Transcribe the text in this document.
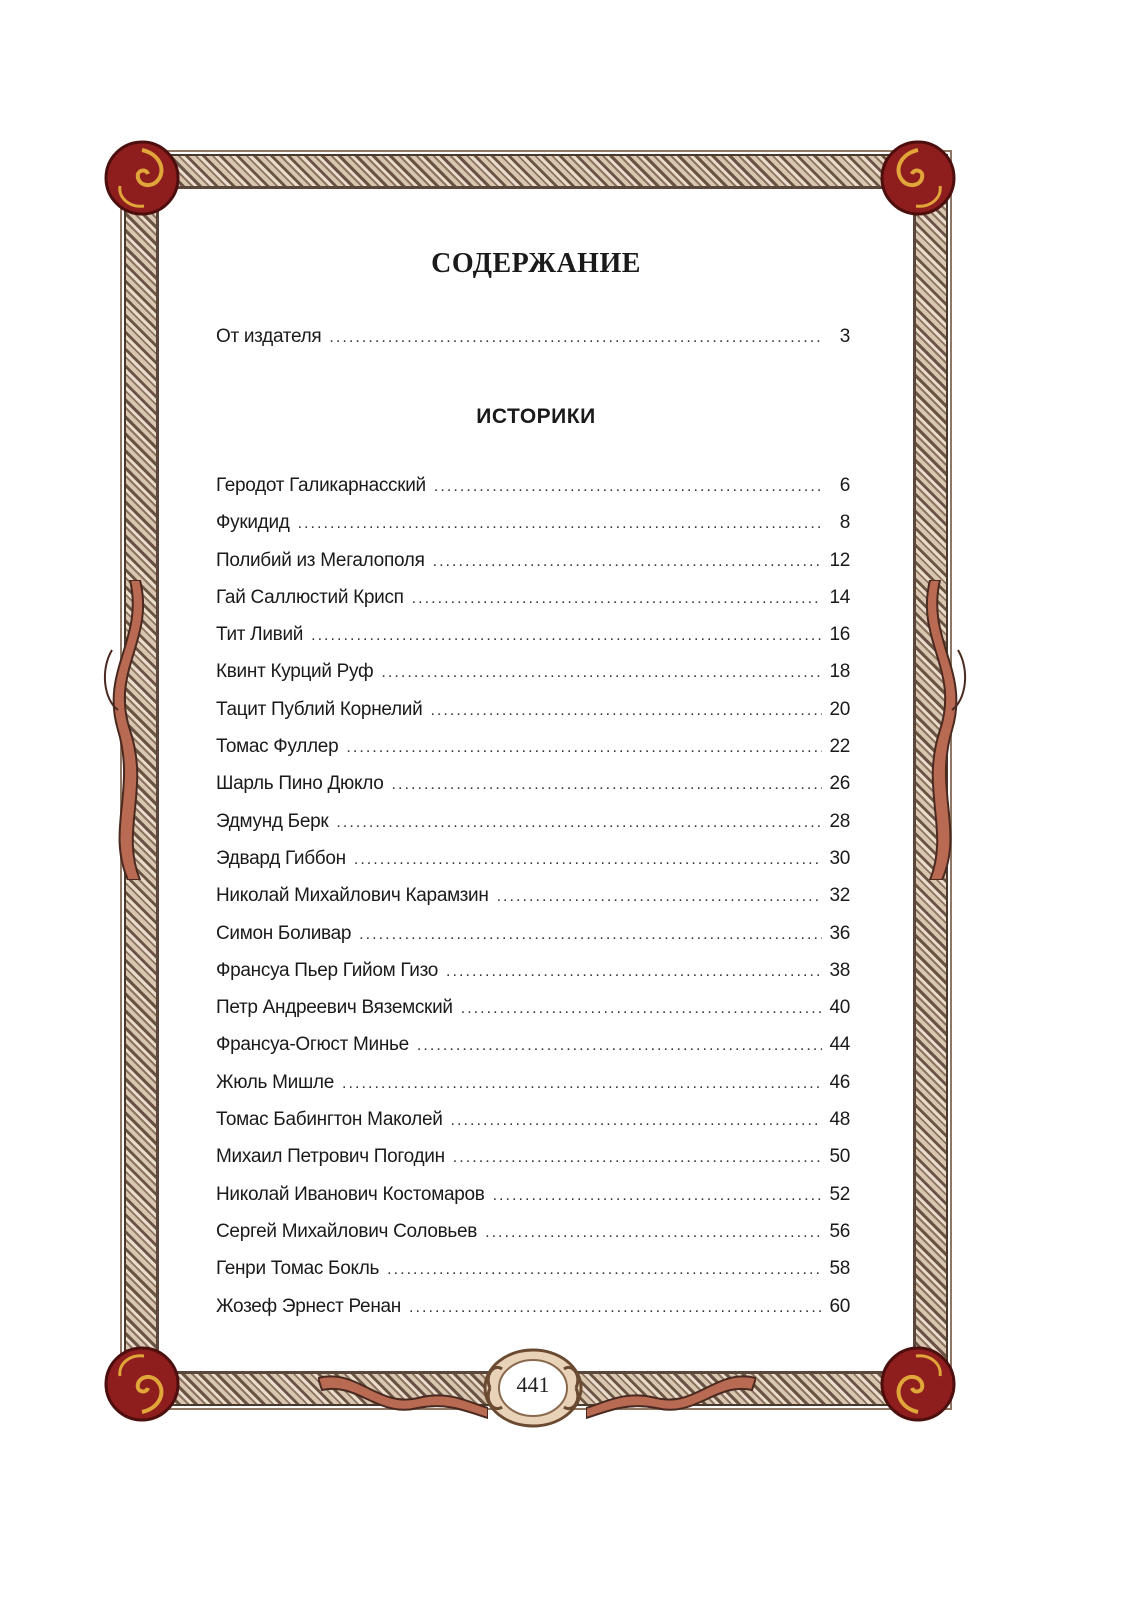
СОДЕРЖАНИЕ
От издателя . . .	3
ИСТОРИКИ
Геродот Галикарнасский . . .	6
Фукидид . . .	8
Полибий из Мегалополя . . .	12
Гай Саллюстий Крисп . . .	14
Тит Ливий . . .	16
Квинт Курций Руф . . .	18
Тацит Публий Корнелий . . .	20
Томас Фуллер . . .	22
Шарль Пино Дюкло . . .	26
Эдмунд Берк . . .	28
Эдвард Гиббон . . .	30
Николай Михайлович Карамзин . . .	32
Симон Боливар . . .	36
Франсуа Пьер Гийом Гизо . . .	38
Петр Андреевич Вяземский . . .	40
Франсуа-Огюст Минье . . .	44
Жюль Мишле . . .	46
Томас Бабингтон Маколей . . .	48
Михаил Петрович Погодин . . .	50
Николай Иванович Костомаров . . .	52
Сергей Михайлович Соловьев . . .	56
Генри Томас Бокль . . .	58
Жозеф Эрнест Ренан . . .	60
441
